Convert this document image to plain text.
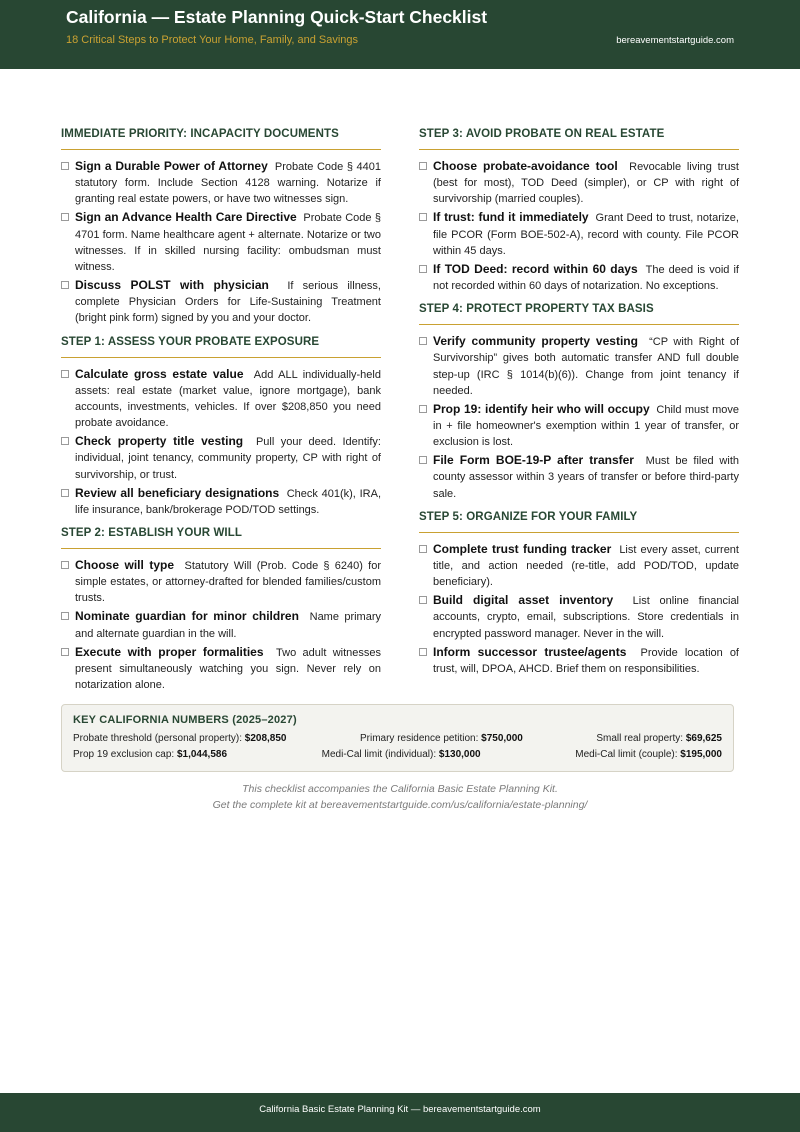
California — Estate Planning Quick-Start Checklist
18 Critical Steps to Protect Your Home, Family, and Savings	bereavementstartguide.com
IMMEDIATE PRIORITY: INCAPACITY DOCUMENTS
Sign a Durable Power of Attorney Probate Code § 4401 statutory form. Include Section 4128 warning. Notarize if granting real estate powers, or have two witnesses sign.
Sign an Advance Health Care Directive Probate Code § 4701 form. Name healthcare agent + alternate. Notarize or two witnesses. If in skilled nursing facility: ombudsman must witness.
Discuss POLST with physician If serious illness, complete Physician Orders for Life-Sustaining Treatment (bright pink form) signed by you and your doctor.
STEP 1: ASSESS YOUR PROBATE EXPOSURE
Calculate gross estate value Add ALL individually-held assets: real estate (market value, ignore mortgage), bank accounts, investments, vehicles. If over $208,850 you need probate avoidance.
Check property title vesting Pull your deed. Identify: individual, joint tenancy, community property, CP with right of survivorship, or trust.
Review all beneficiary designations Check 401(k), IRA, life insurance, bank/brokerage POD/TOD settings.
STEP 2: ESTABLISH YOUR WILL
Choose will type Statutory Will (Prob. Code § 6240) for simple estates, or attorney-drafted for blended families/custom trusts.
Nominate guardian for minor children Name primary and alternate guardian in the will.
Execute with proper formalities Two adult witnesses present simultaneously watching you sign. Never rely on notarization alone.
STEP 3: AVOID PROBATE ON REAL ESTATE
Choose probate-avoidance tool Revocable living trust (best for most), TOD Deed (simpler), or CP with right of survivorship (married couples).
If trust: fund it immediately Grant Deed to trust, notarize, file PCOR (Form BOE-502-A), record with county. File PCOR within 45 days.
If TOD Deed: record within 60 days The deed is void if not recorded within 60 days of notarization. No exceptions.
STEP 4: PROTECT PROPERTY TAX BASIS
Verify community property vesting “CP with Right of Survivorship” gives both automatic transfer AND full double step-up (IRC § 1014(b)(6)). Change from joint tenancy if needed.
Prop 19: identify heir who will occupy Child must move in + file homeowner's exemption within 1 year of transfer, or exclusion is lost.
File Form BOE-19-P after transfer Must be filed with county assessor within 3 years of transfer or before third-party sale.
STEP 5: ORGANIZE FOR YOUR FAMILY
Complete trust funding tracker List every asset, current title, and action needed (re-title, add POD/TOD, update beneficiary).
Build digital asset inventory List online financial accounts, crypto, email, subscriptions. Store credentials in encrypted password manager. Never in the will.
Inform successor trustee/agents Provide location of trust, will, DPOA, AHCD. Brief them on responsibilities.
KEY CALIFORNIA NUMBERS (2025–2027)
Probate threshold (personal property): $208,850	Primary residence petition: $750,000	Small real property: $69,625
Prop 19 exclusion cap: $1,044,586	Medi-Cal limit (individual): $130,000	Medi-Cal limit (couple): $195,000
This checklist accompanies the California Basic Estate Planning Kit.
Get the complete kit at bereavementstartguide.com/us/california/estate-planning/
California Basic Estate Planning Kit — bereavementstartguide.com
